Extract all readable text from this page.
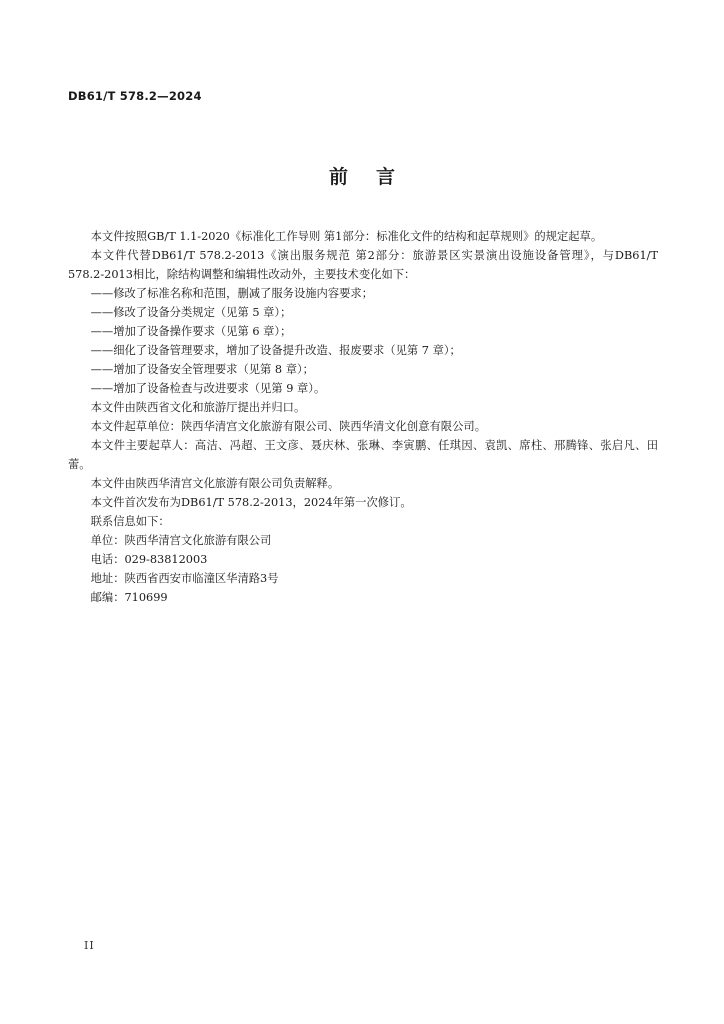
DB61/T 578.2—2024
前言

本文件按照GB/T 1.1-2020《标准化工作导则 第1部分：标准化文件的结构和起草规则》的规定起草。

本文件代替DB61/T 578.2-2013《演出服务规范 第2部分：旅游景区实景演出设施设备管理》，与DB61/T 578.2-2013相比，除结构调整和编辑性改动外，主要技术变化如下：

——修改了标准名称和范围，删减了服务设施内容要求；

——修改了设备分类规定（见第 5 章）；

——增加了设备操作要求（见第 6 章）；

——细化了设备管理要求，增加了设备提升改造、报废要求（见第 7 章）；

——增加了设备安全管理要求（见第 8 章）；

——增加了设备检查与改进要求（见第 9 章）。

本文件由陕西省文化和旅游厅提出并归口。

本文件起草单位：陕西华清宫文化旅游有限公司、陕西华清文化创意有限公司。

本文件主要起草人：高洁、冯超、王文彦、聂庆林、张琳、李寅鹏、任琪因、袁凯、席柱、邢腾锋、张启凡、田蕾。

本文件由陕西华清宫文化旅游有限公司负责解释。

本文件首次发布为DB61/T 578.2-2013，2024年第一次修订。

联系信息如下：

单位：陕西华清宫文化旅游有限公司

电话：029-83812003

地址：陕西省西安市临潼区华清路3号

邮编：710699

II
